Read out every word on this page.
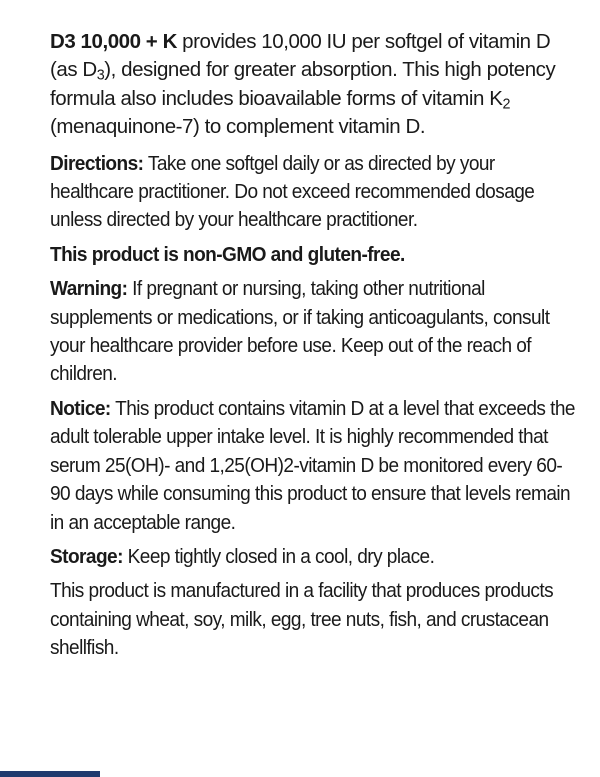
D3 10,000 + K provides 10,000 IU per softgel of vitamin D (as $D_3$), designed for greater absorption. This high potency formula also includes bioavailable forms of vitamin $K_2$ (menaquinone-7) to complement vitamin D.

Directions: Take one softgel daily or as directed by your healthcare practitioner. Do not exceed recommended dosage unless directed by your healthcare practitioner.

This product is non-GMO and gluten-free.

Warning: If pregnant or nursing, taking other nutritional supplements or medications, or if taking anticoagulants, consult your healthcare provider before use. Keep out of the reach of children.

Notice: This product contains vitamin D at a level that exceeds the adult tolerable upper intake level. It is highly recommended that serum 25(OH)- and 1,25(OH)2-vitamin D be monitored every 60-90 days while consuming this product to ensure that levels remain in an acceptable range.

Storage: Keep tightly closed in a cool, dry place.

This product is manufactured in a facility that produces products containing wheat, soy, milk, egg, tree nuts, fish, and crustacean shellfish.
